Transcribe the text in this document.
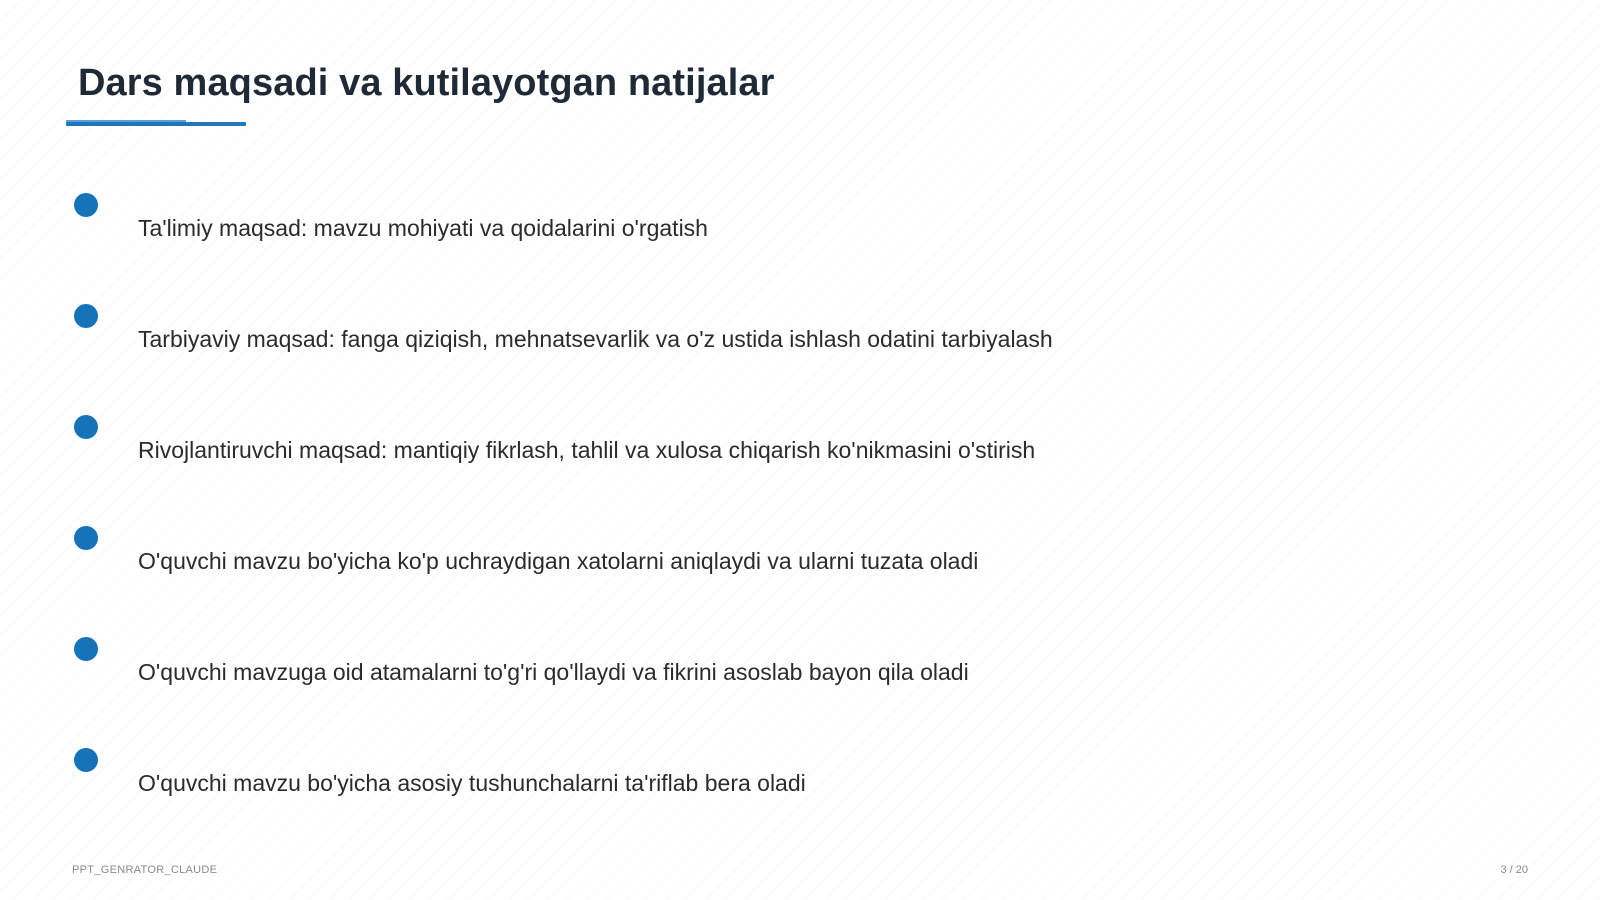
Dars maqsadi va kutilayotgan natijalar
Ta'limiy maqsad: mavzu mohiyati va qoidalarini o'rgatish
Tarbiyaviy maqsad: fanga qiziqish, mehnatsevarlik va o'z ustida ishlash odatini tarbiyalash
Rivojlantiruvchi maqsad: mantiqiy fikrlash, tahlil va xulosa chiqarish ko'nikmasini o'stirish
O'quvchi mavzu bo'yicha ko'p uchraydigan xatolarni aniqlaydi va ularni tuzata oladi
O'quvchi mavzuga oid atamalarni to'g'ri qo'llaydi va fikrini asoslab bayon qila oladi
O'quvchi mavzu bo'yicha asosiy tushunchalarni ta'riflab bera oladi
PPT_GENRATOR_CLAUDE	3 / 20
